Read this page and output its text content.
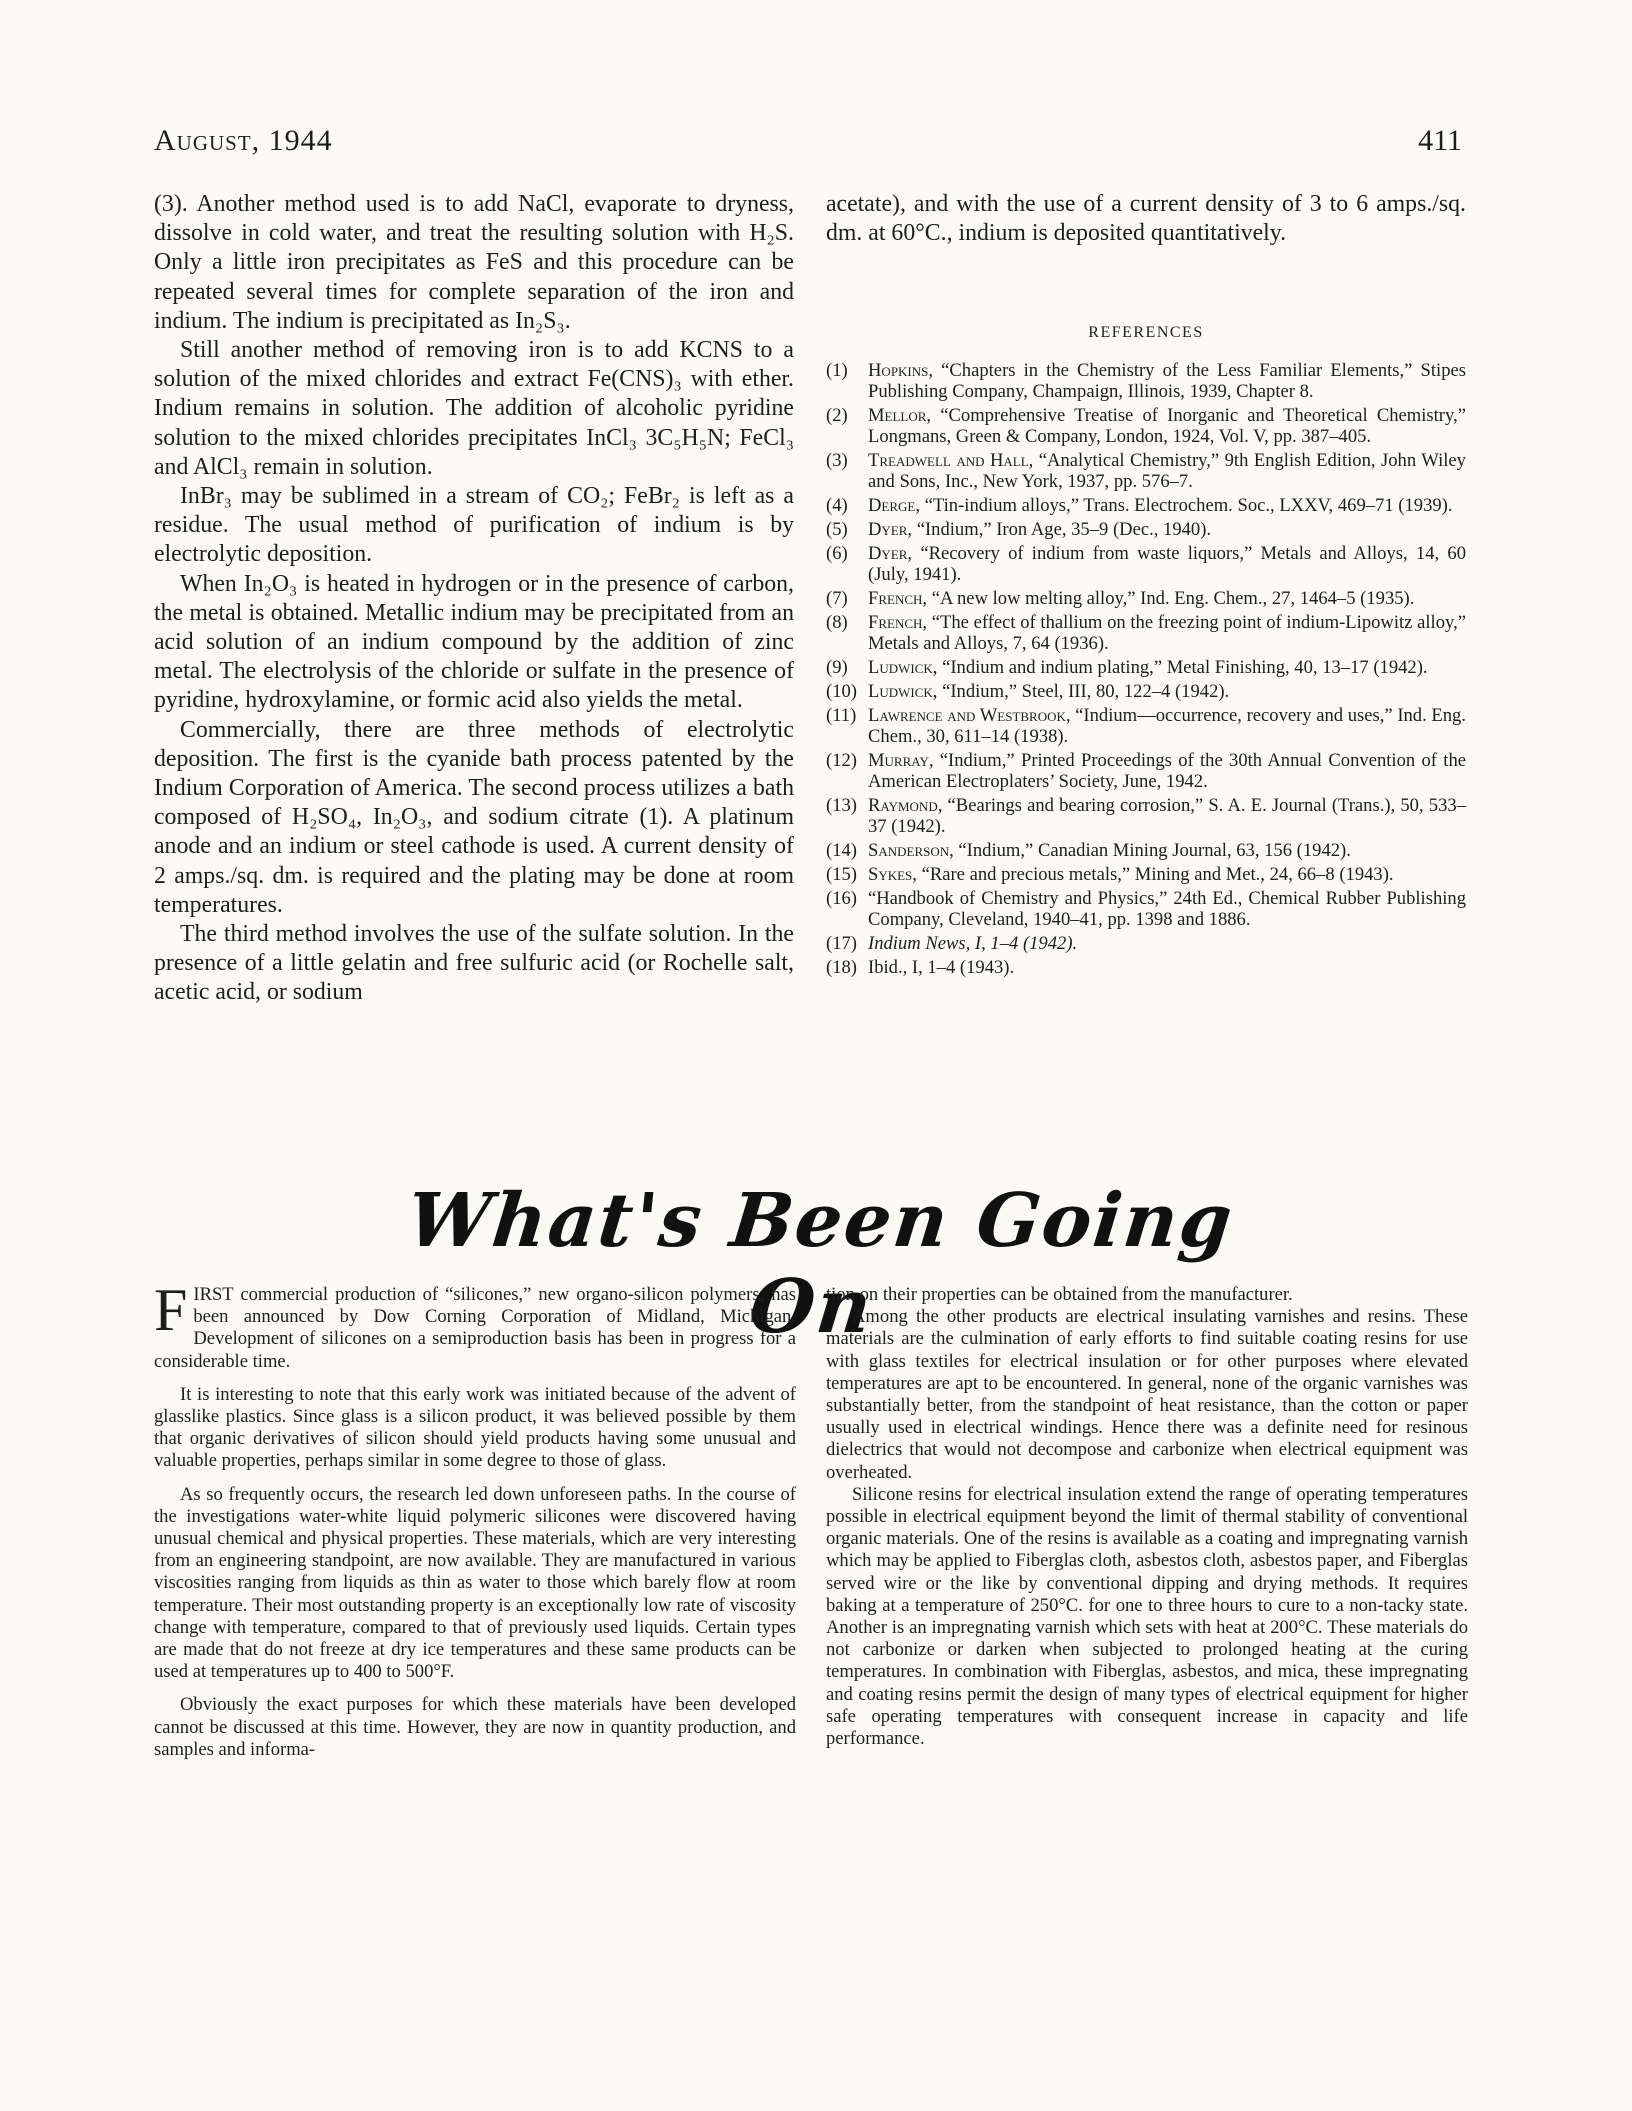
August, 1944	411

(3). Another method used is to add NaCl, evaporate to dryness, dissolve in cold water, and treat the resulting solution with H₂S. Only a little iron precipitates as FeS and this procedure can be repeated several times for complete separation of the iron and indium. The indium is precipitated as In₂S₃.

Still another method of removing iron is to add KCNS to a solution of the mixed chlorides and extract Fe(CNS)₃ with ether. Indium remains in solution. The addition of alcoholic pyridine solution to the mixed chlorides precipitates InCl₃ 3C₅H₅N; FeCl₃ and AlCl₃ remain in solution.

InBr₃ may be sublimed in a stream of CO₂; FeBr₂ is left as a residue. The usual method of purification of indium is by electrolytic deposition.

When In₂O₃ is heated in hydrogen or in the presence of carbon, the metal is obtained. Metallic indium may be precipitated from an acid solution of an indium compound by the addition of zinc metal. The electrolysis of the chloride or sulfate in the presence of pyridine, hydroxylamine, or formic acid also yields the metal.

Commercially, there are three methods of electrolytic deposition. The first is the cyanide bath process patented by the Indium Corporation of America. The second process utilizes a bath composed of H₂SO₄, In₂O₃, and sodium citrate (1). A platinum anode and an indium or steel cathode is used. A current density of 2 amps./sq. dm. is required and the plating may be done at room temperatures.

The third method involves the use of the sulfate solution. In the presence of a little gelatin and free sulfuric acid (or Rochelle salt, acetic acid, or sodium

acetate), and with the use of a current density of 3 to 6 amps./sq. dm. at 60°C., indium is deposited quantitatively.

REFERENCES
(1)	Hopkins, “Chapters in the Chemistry of the Less Familiar Elements,” Stipes Publishing Company, Champaign, Illinois, 1939, Chapter 8.
(2)	Mellor, “Comprehensive Treatise of Inorganic and Theoretical Chemistry,” Longmans, Green & Company, London, 1924, Vol. V, pp. 387–405.
(3)	Treadwell and Hall, “Analytical Chemistry,” 9th English Edition, John Wiley and Sons, Inc., New York, 1937, pp. 576–7.
(4)	Derge, “Tin-indium alloys,” Trans. Electrochem. Soc., LXXV, 469–71 (1939).
(5)	Dyer, “Indium,” Iron Age, 35–9 (Dec., 1940).
(6)	Dyer, “Recovery of indium from waste liquors,” Metals and Alloys, 14, 60 (July, 1941).
(7)	French, “A new low melting alloy,” Ind. Eng. Chem., 27, 1464–5 (1935).
(8)	French, “The effect of thallium on the freezing point of indium-Lipowitz alloy,” Metals and Alloys, 7, 64 (1936).
(9)	Ludwick, “Indium and indium plating,” Metal Finishing, 40, 13–17 (1942).
(10) Ludwick, “Indium,” Steel, III, 80, 122–4 (1942).
(11) Lawrence and Westbrook, “Indium—occurrence, recovery and uses,” Ind. Eng. Chem., 30, 611–14 (1938).
(12) Murray, “Indium,” Printed Proceedings of the 30th Annual Convention of the American Electroplaters’ Society, June, 1942.
(13) Raymond, “Bearings and bearing corrosion,” S. A. E. Journal (Trans.), 50, 533–37 (1942).
(14) Sanderson, “Indium,” Canadian Mining Journal, 63, 156 (1942).
(15) Sykes, “Rare and precious metals,” Mining and Met., 24, 66–8 (1943).
(16) “Handbook of Chemistry and Physics,” 24th Ed., Chemical Rubber Publishing Company, Cleveland, 1940–41, pp. 1398 and 1886.
(17) Indium News, I, 1–4 (1942).
(18) Ibid., I, 1–4 (1943).
What's Been Going On

FIRST commercial production of “silicones,” new organo-silicon polymers, has been announced by Dow Corning Corporation of Midland, Michigan. Development of silicones on a semiproduction basis has been in progress for a considerable time.

It is interesting to note that this early work was initiated because of the advent of glasslike plastics. Since glass is a silicon product, it was believed possible by them that organic derivatives of silicon should yield products having some unusual and valuable properties, perhaps similar in some degree to those of glass.

As so frequently occurs, the research led down unforeseen paths. In the course of the investigations water-white liquid polymeric silicones were discovered having unusual chemical and physical properties. These materials, which are very interesting from an engineering standpoint, are now available. They are manufactured in various viscosities ranging from liquids as thin as water to those which barely flow at room temperature. Their most outstanding property is an exceptionally low rate of viscosity change with temperature, compared to that of previously used liquids. Certain types are made that do not freeze at dry ice temperatures and these same products can be used at temperatures up to 400 to 500°F.

Obviously the exact purposes for which these materials have been developed cannot be discussed at this time. However, they are now in quantity production, and samples and informa-

tion on their properties can be obtained from the manufacturer.

Among the other products are electrical insulating varnishes and resins. These materials are the culmination of early efforts to find suitable coating resins for use with glass textiles for electrical insulation or for other purposes where elevated temperatures are apt to be encountered. In general, none of the organic varnishes was substantially better, from the standpoint of heat resistance, than the cotton or paper usually used in electrical windings. Hence there was a definite need for resinous dielectrics that would not decompose and carbonize when electrical equipment was overheated.

Silicone resins for electrical insulation extend the range of operating temperatures possible in electrical equipment beyond the limit of thermal stability of conventional organic materials. One of the resins is available as a coating and impregnating varnish which may be applied to Fiberglas cloth, asbestos cloth, asbestos paper, and Fiberglas served wire or the like by conventional dipping and drying methods. It requires baking at a temperature of 250°C. for one to three hours to cure to a non-tacky state. Another is an impregnating varnish which sets with heat at 200°C. These materials do not carbonize or darken when subjected to prolonged heating at the curing temperatures. In combination with Fiberglas, asbestos, and mica, these impregnating and coating resins permit the design of many types of electrical equipment for higher safe operating temperatures with consequent increase in capacity and life performance.
